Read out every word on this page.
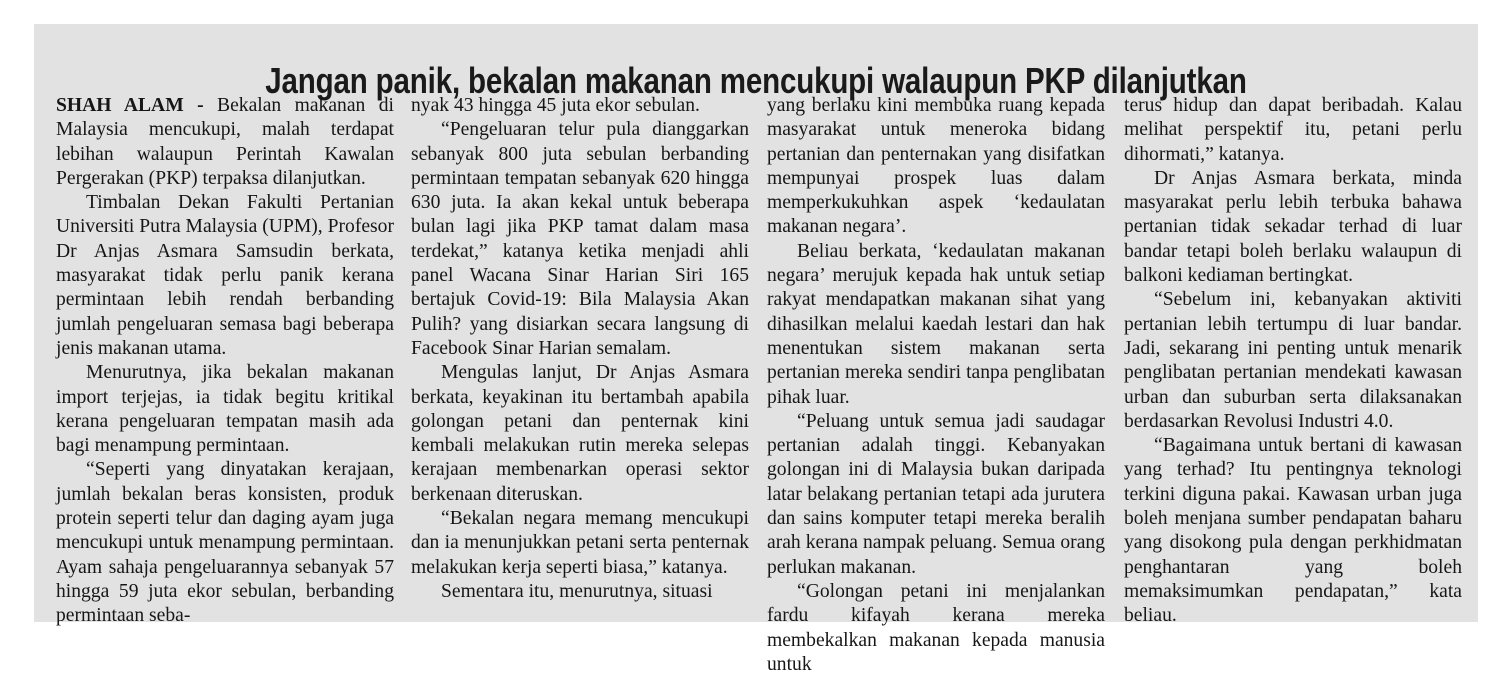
Jangan panik, bekalan makanan mencukupi walaupun PKP dilanjutkan

SHAH ALAM - Bekalan makanan di Malaysia mencukupi, malah terdapat lebihan walaupun Perintah Kawalan Pergerakan (PKP) terpaksa dilanjutkan.

Timbalan Dekan Fakulti Pertanian Universiti Putra Malaysia (UPM), Profesor Dr Anjas Asmara Samsudin berkata, masyarakat tidak perlu panik kerana permintaan lebih rendah berbanding jumlah pengeluaran semasa bagi beberapa jenis makanan utama.

Menurutnya, jika bekalan makanan import terjejas, ia tidak begitu kritikal kerana pengeluaran tempatan masih ada bagi menampung permintaan.

“Seperti yang dinyatakan kerajaan, jumlah bekalan beras konsisten, produk protein seperti telur dan daging ayam juga mencukupi untuk menampung permintaan. Ayam sahaja pengeluarannya sebanyak 57 hingga 59 juta ekor sebulan, berbanding permintaan seba-

nyak 43 hingga 45 juta ekor sebulan.

“Pengeluaran telur pula dianggarkan sebanyak 800 juta sebulan berbanding permintaan tempatan sebanyak 620 hingga 630 juta. Ia akan kekal untuk beberapa bulan lagi jika PKP tamat dalam masa terdekat,” katanya ketika menjadi ahli panel Wacana Sinar Harian Siri 165 bertajuk Covid-19: Bila Malaysia Akan Pulih? yang disiarkan secara langsung di Facebook Sinar Harian semalam.

Mengulas lanjut, Dr Anjas Asmara berkata, keyakinan itu bertambah apabila golongan petani dan penternak kini kembali melakukan rutin mereka selepas kerajaan membenarkan operasi sektor berkenaan diteruskan.

“Bekalan negara memang mencukupi dan ia menunjukkan petani serta penternak melakukan kerja seperti biasa,” katanya.

Sementara itu, menurutnya, situasi

yang berlaku kini membuka ruang kepada masyarakat untuk meneroka bidang pertanian dan penternakan yang disifatkan mempunyai prospek luas dalam memperkukuhkan aspek ‘kedaulatan makanan negara’.

Beliau berkata, ‘kedaulatan makanan negara’ merujuk kepada hak untuk setiap rakyat mendapatkan makanan sihat yang dihasilkan melalui kaedah lestari dan hak menentukan sistem makanan serta pertanian mereka sendiri tanpa penglibatan pihak luar.

“Peluang untuk semua jadi saudagar pertanian adalah tinggi. Kebanyakan golongan ini di Malaysia bukan daripada latar belakang pertanian tetapi ada jurutera dan sains komputer tetapi mereka beralih arah kerana nampak peluang. Semua orang perlukan makanan.

“Golongan petani ini menjalankan fardu kifayah kerana mereka membekalkan makanan kepada manusia untuk

terus hidup dan dapat beribadah. Kalau melihat perspektif itu, petani perlu dihormati,” katanya.

Dr Anjas Asmara berkata, minda masyarakat perlu lebih terbuka bahawa pertanian tidak sekadar terhad di luar bandar tetapi boleh berlaku walaupun di balkoni kediaman bertingkat.

“Sebelum ini, kebanyakan aktiviti pertanian lebih tertumpu di luar bandar. Jadi, sekarang ini penting untuk menarik penglibatan pertanian mendekati kawasan urban dan suburban serta dilaksanakan berdasarkan Revolusi Industri 4.0.

“Bagaimana untuk bertani di kawasan yang terhad? Itu pentingnya teknologi terkini diguna pakai. Kawasan urban juga boleh menjana sumber pendapatan baharu yang disokong pula dengan perkhidmatan penghantaran yang boleh memaksimumkan pendapatan,” kata beliau.
